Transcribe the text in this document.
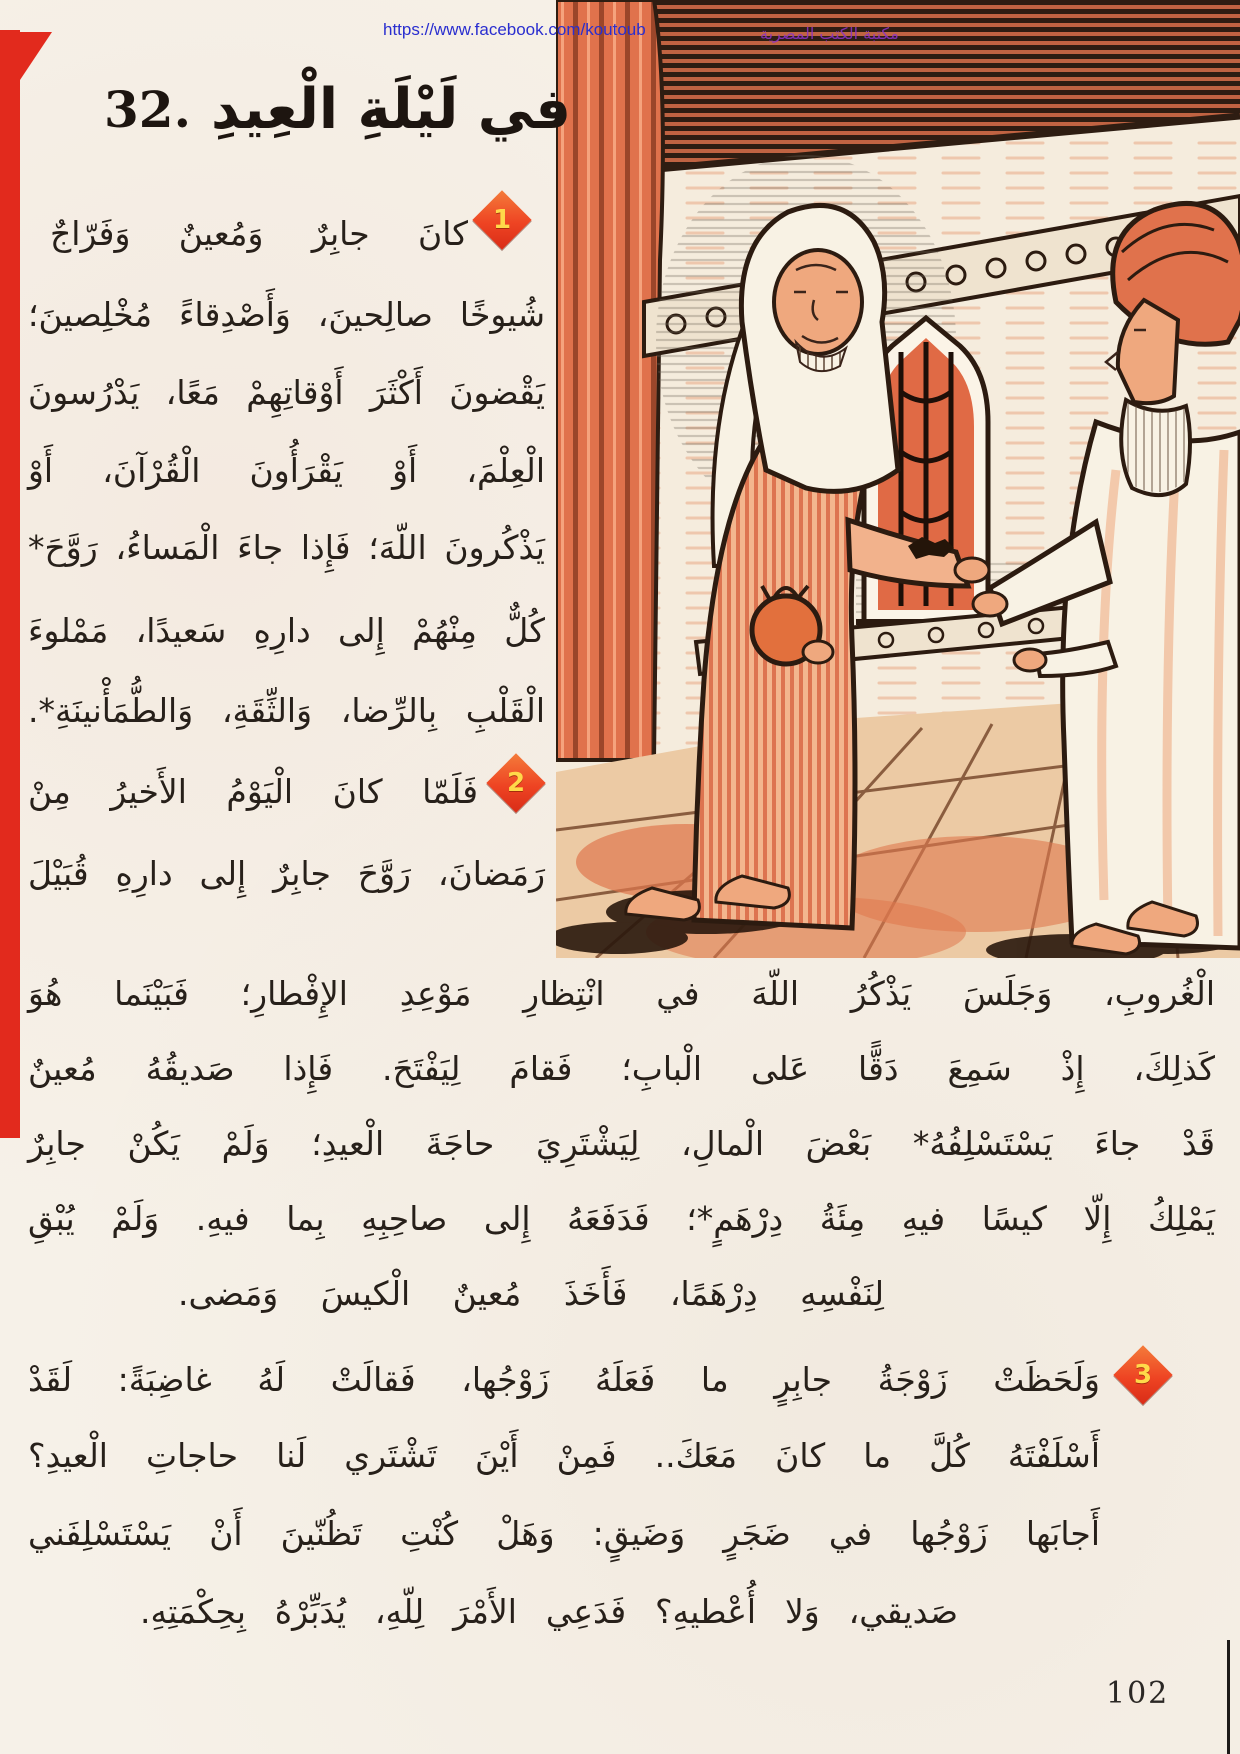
https://www.facebook.com/koutoub	مكتبة الكتب المصرية
32. في لَيْلَةِ الْعِيدِ
1
2
3
كانَ جابِرٌ وَمُعينٌ وَفَرّاجٌ
شُيوخًا صالِحينَ، وَأَصْدِقاءً مُخْلِصينَ؛
يَقْضونَ أَكْثَرَ أَوْقاتِهِمْ مَعًا، يَدْرُسونَ
الْعِلْمَ، أَوْ يَقْرَأُونَ الْقُرْآنَ، أَوْ
يَذْكُرونَ اللّهَ؛ فَإِذا جاءَ الْمَساءُ، رَوَّحَ*
كُلٌّ مِنْهُمْ إِلى دارِهِ سَعيدًا، مَمْلوءَ
الْقَلْبِ بِالرِّضا، وَالثِّقَةِ، وَالطُّمَأْنينَةِ*.
فَلَمّا كانَ الْيَوْمُ الأَخيرُ مِنْ
رَمَضانَ، رَوَّحَ جابِرٌ إِلى دارِهِ قُبَيْلَ
الْغُروبِ، وَجَلَسَ يَذْكُرُ اللّهَ في انْتِظارِ مَوْعِدِ الإِفْطارِ؛ فَبَيْنَما هُوَ
كَذلِكَ، إِذْ سَمِعَ دَقًّا عَلى الْبابِ؛ فَقامَ لِيَفْتَحَ. فَإِذا صَديقُهُ مُعينٌ
قَدْ جاءَ يَسْتَسْلِفُهُ* بَعْضَ الْمالِ، لِيَشْتَرِيَ حاجَةَ الْعيدِ؛ وَلَمْ يَكُنْ جابِرٌ
يَمْلِكُ إِلّا كيسًا فيهِ مِئَةُ دِرْهَمٍ*؛ فَدَفَعَهُ إِلى صاحِبِهِ بِما فيهِ. وَلَمْ يُبْقِ
لِنَفْسِهِ دِرْهَمًا، فَأَخَذَ مُعينٌ الْكيسَ وَمَضى.
وَلَحَظَتْ زَوْجَةُ جابِرٍ ما فَعَلَهُ زَوْجُها، فَقالَتْ لَهُ غاضِبَةً: لَقَدْ
أَسْلَفْتَهُ كُلَّ ما كانَ مَعَكَ.. فَمِنْ أَيْنَ تَشْتَري لَنا حاجاتِ الْعيدِ؟
أَجابَها زَوْجُها في ضَجَرٍ وَضَيقٍ: وَهَلْ كُنْتِ تَظُنّينَ أَنْ يَسْتَسْلِفَني
صَديقي، وَلا أُعْطيهِ؟ فَدَعِي الأَمْرَ لِلّهِ، يُدَبِّرْهُ بِحِكْمَتِهِ.
102
